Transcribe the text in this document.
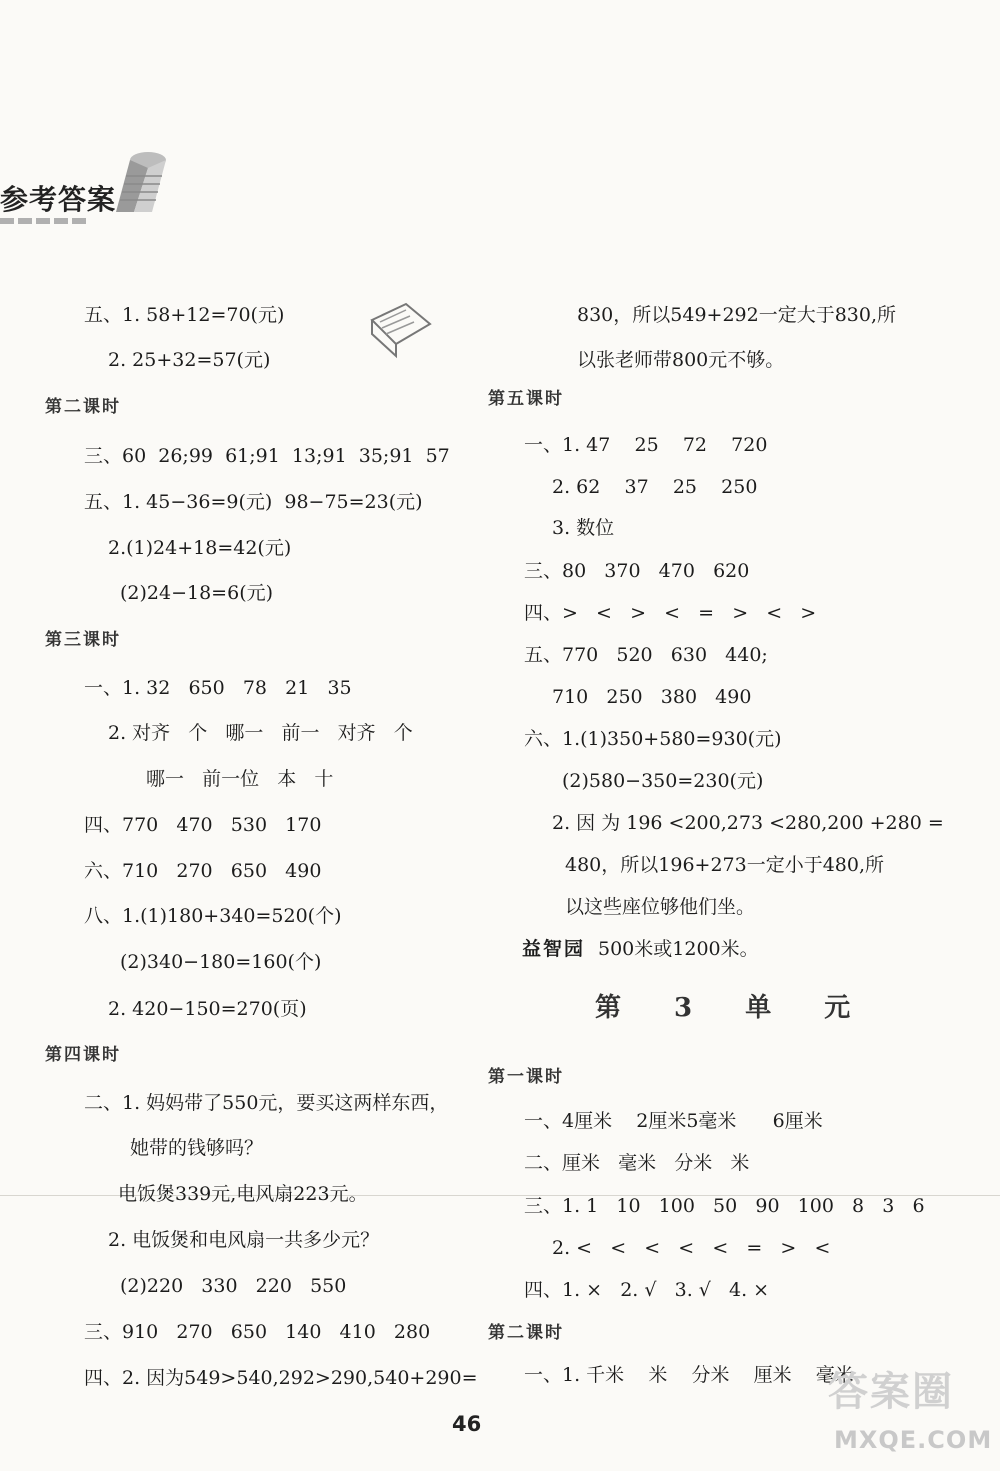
参考答案
五、1. 58+12=70(元)
2. 25+32=57(元)
第二课时
三、60  26;99  61;91  13;91  35;91  57
五、1. 45−36=9(元)  98−75=23(元)
2.(1)24+18=42(元)
(2)24−18=6(元)
第三课时
一、1. 32   650   78   21   35
2. 对齐   个   哪一   前一   对齐   个
哪一   前一位   本   十
四、770   470   530   170
六、710   270   650   490
八、1.(1)180+340=520(个)
(2)340−180=160(个)
2. 420−150=270(页)
第四课时
二、1. 妈妈带了550元，要买这两样东西，
她带的钱够吗？
电饭煲339元,电风扇223元。
2. 电饭煲和电风扇一共多少元？
(2)220   330   220   550
三、910   270   650   140   410   280
四、2. 因为549>540,292>290,540+290=
830，所以549+292一定大于830,所
以张老师带800元不够。
第五课时
一、1. 47    25    72    720
2. 62    37    25    250
3. 数位
三、80   370   470   620
四、>   <   >   <   =   >   <   >
五、770   520   630   440;
710   250   380   490
六、1.(1)350+580=930(元)
(2)580−350=230(元)
2. 因 为 196 <200,273 <280,200 +280 =
480，所以196+273一定小于480,所
以这些座位够他们坐。
益智园 500米或1200米。
第 3 单 元
第一课时
一、4厘米    2厘米5毫米      6厘米
二、厘米   毫米   分米   米
三、1. 1   10   100   50   90   100   8   3   6
2. <   <   <   <   <   =   >   <
四、1. ×   2. √   3. √   4. ×
第二课时
一、1. 千米    米    分米    厘米    毫米
46
答案圈
MXQE.COM
